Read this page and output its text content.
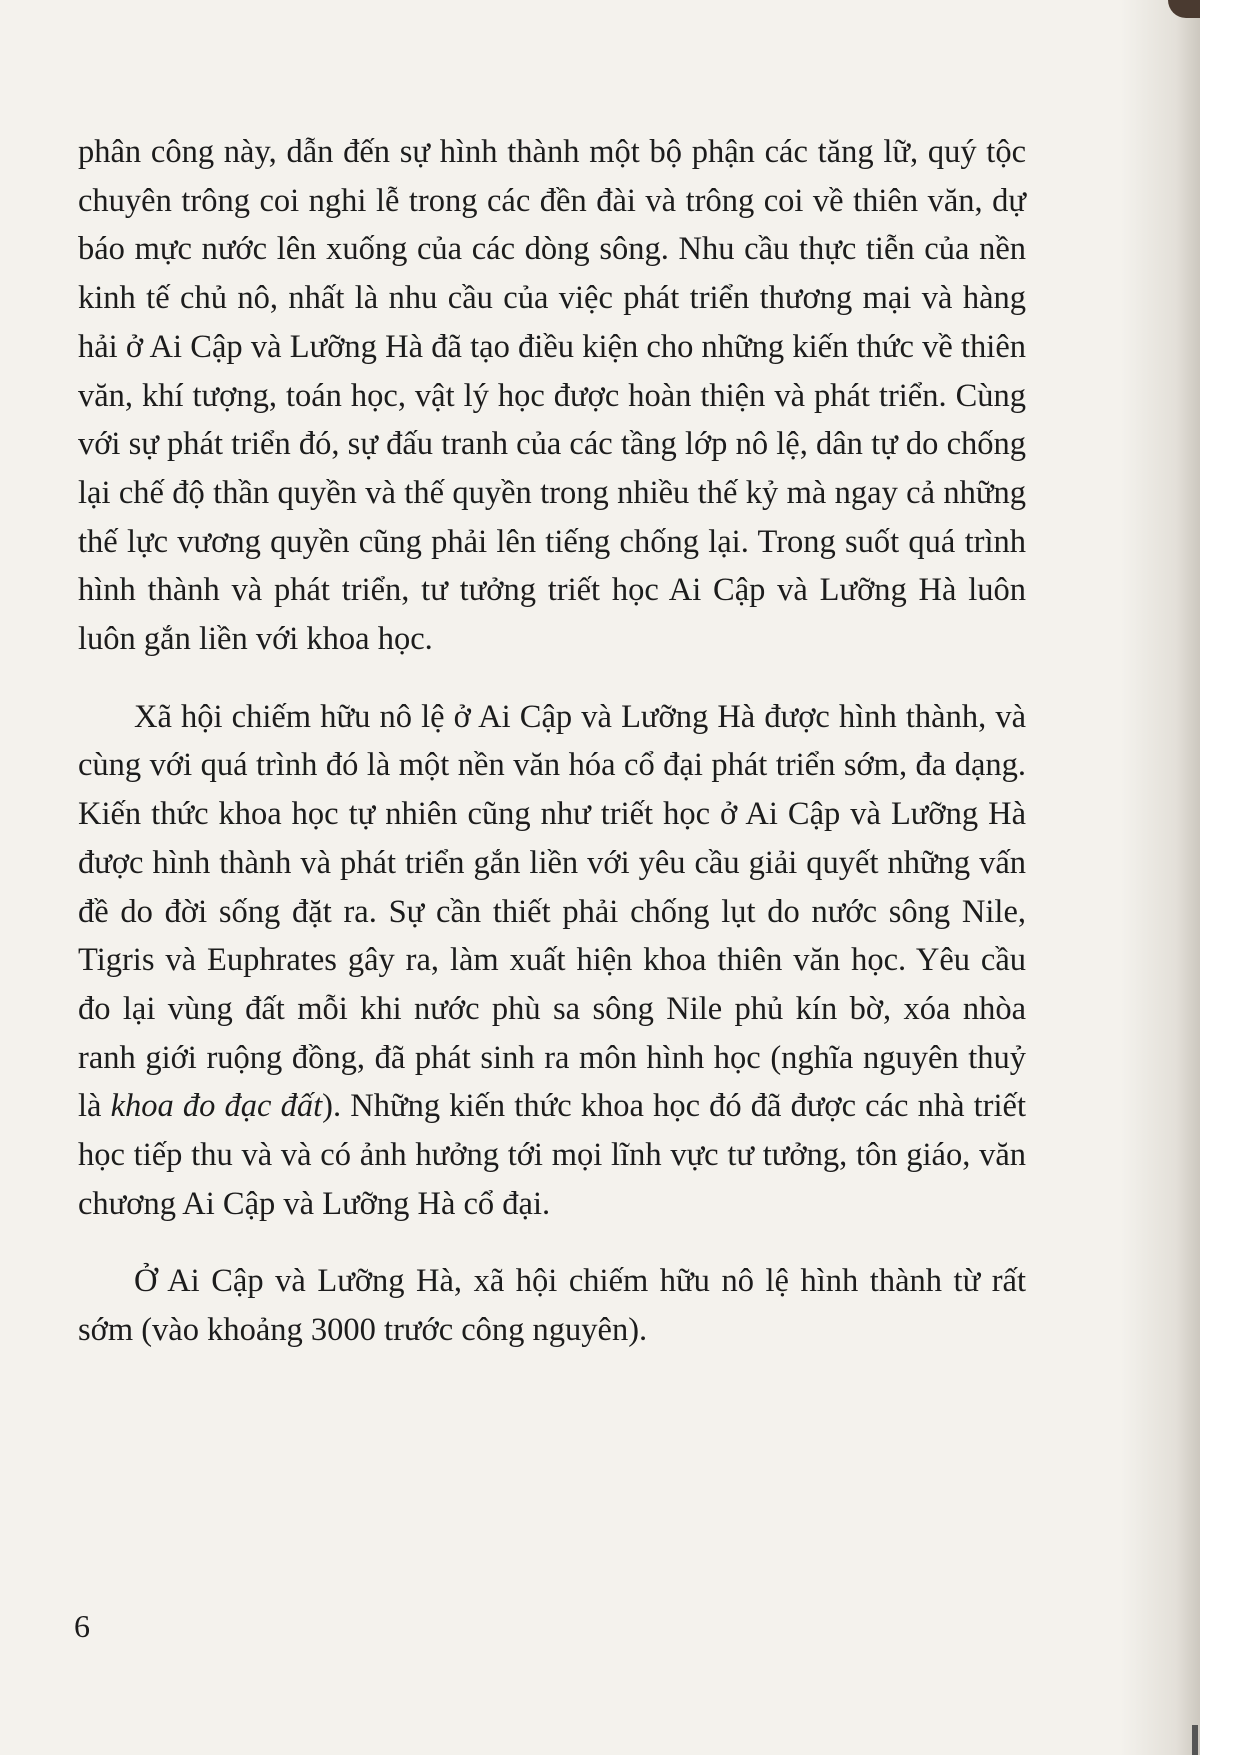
phân công này, dẫn đến sự hình thành một bộ phận các tăng lữ, quý tộc chuyên trông coi nghi lễ trong các đền đài và trông coi về thiên văn, dự báo mực nước lên xuống của các dòng sông. Nhu cầu thực tiễn của nền kinh tế chủ nô, nhất là nhu cầu của việc phát triển thương mại và hàng hải ở Ai Cập và Lưỡng Hà đã tạo điều kiện cho những kiến thức về thiên văn, khí tượng, toán học, vật lý học được hoàn thiện và phát triển. Cùng với sự phát triển đó, sự đấu tranh của các tầng lớp nô lệ, dân tự do chống lại chế độ thần quyền và thế quyền trong nhiều thế kỷ mà ngay cả những thế lực vương quyền cũng phải lên tiếng chống lại. Trong suốt quá trình hình thành và phát triển, tư tưởng triết học Ai Cập và Lưỡng Hà luôn luôn gắn liền với khoa học.

Xã hội chiếm hữu nô lệ ở Ai Cập và Lưỡng Hà được hình thành, và cùng với quá trình đó là một nền văn hóa cổ đại phát triển sớm, đa dạng. Kiến thức khoa học tự nhiên cũng như triết học ở Ai Cập và Lưỡng Hà được hình thành và phát triển gắn liền với yêu cầu giải quyết những vấn đề do đời sống đặt ra. Sự cần thiết phải chống lụt do nước sông Nile, Tigris và Euphrates gây ra, làm xuất hiện khoa thiên văn học. Yêu cầu đo lại vùng đất mỗi khi nước phù sa sông Nile phủ kín bờ, xóa nhòa ranh giới ruộng đồng, đã phát sinh ra môn hình học (nghĩa nguyên thuỷ là khoa đo đạc đất). Những kiến thức khoa học đó đã được các nhà triết học tiếp thu và và có ảnh hưởng tới mọi lĩnh vực tư tưởng, tôn giáo, văn chương Ai Cập và Lưỡng Hà cổ đại.

Ở Ai Cập và Lưỡng Hà, xã hội chiếm hữu nô lệ hình thành từ rất sớm (vào khoảng 3000 trước công nguyên).

6
